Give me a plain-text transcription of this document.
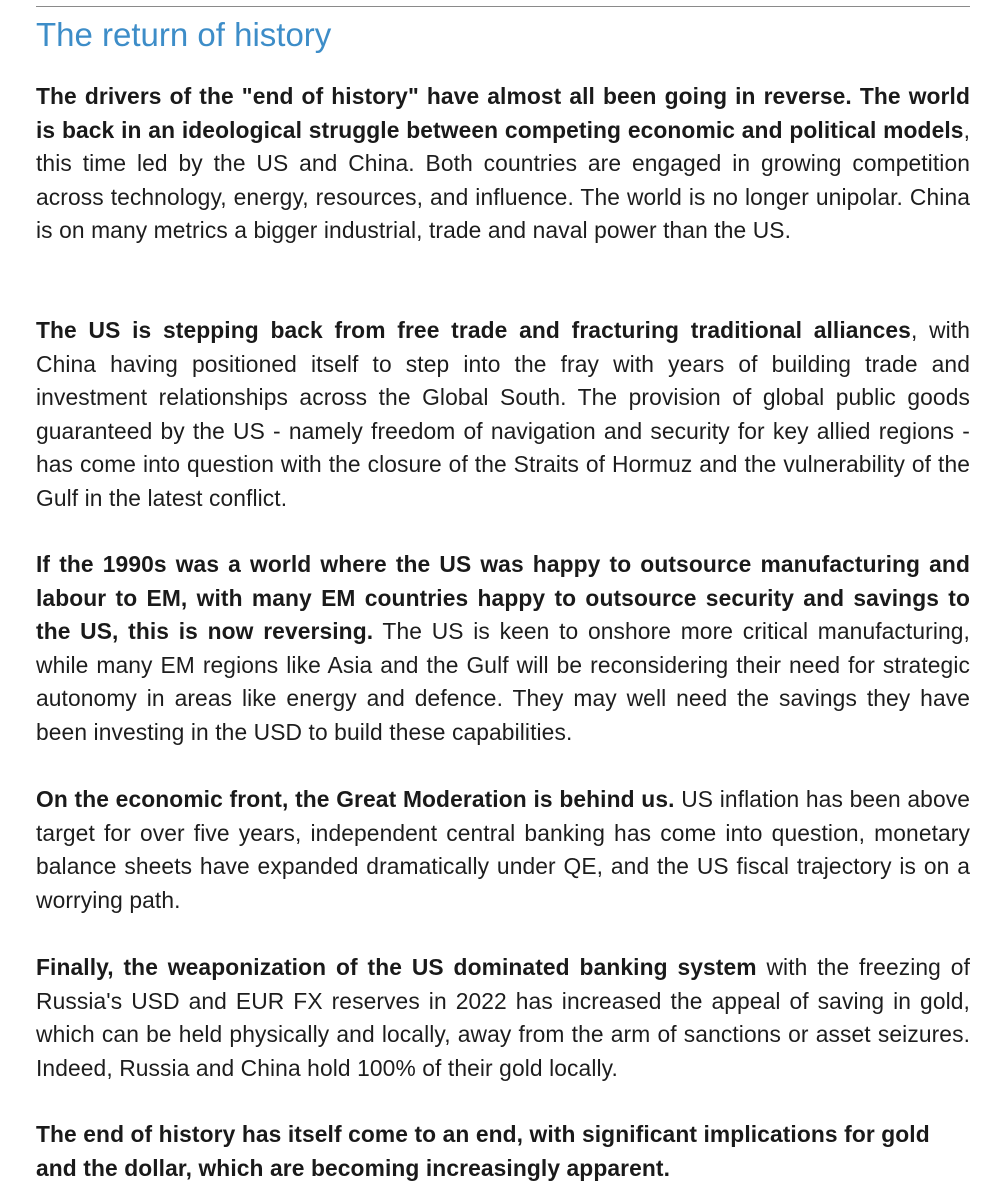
The return of history

The drivers of the "end of history" have almost all been going in reverse. The world is back in an ideological struggle between competing economic and political models, this time led by the US and China. Both countries are engaged in growing competition across technology, energy, resources, and influence. The world is no longer unipolar. China is on many metrics a bigger industrial, trade and naval power than the US.

The US is stepping back from free trade and fracturing traditional alliances, with China having positioned itself to step into the fray with years of building trade and investment relationships across the Global South. The provision of global public goods guaranteed by the US - namely freedom of navigation and security for key allied regions - has come into question with the closure of the Straits of Hormuz and the vulnerability of the Gulf in the latest conflict.

If the 1990s was a world where the US was happy to outsource manufacturing and labour to EM, with many EM countries happy to outsource security and savings to the US, this is now reversing. The US is keen to onshore more critical manufacturing, while many EM regions like Asia and the Gulf will be reconsidering their need for strategic autonomy in areas like energy and defence. They may well need the savings they have been investing in the USD to build these capabilities.

On the economic front, the Great Moderation is behind us. US inflation has been above target for over five years, independent central banking has come into question, monetary balance sheets have expanded dramatically under QE, and the US fiscal trajectory is on a worrying path.

Finally, the weaponization of the US dominated banking system with the freezing of Russia's USD and EUR FX reserves in 2022 has increased the appeal of saving in gold, which can be held physically and locally, away from the arm of sanctions or asset seizures. Indeed, Russia and China hold 100% of their gold locally.

The end of history has itself come to an end, with significant implications for gold and the dollar, which are becoming increasingly apparent.
